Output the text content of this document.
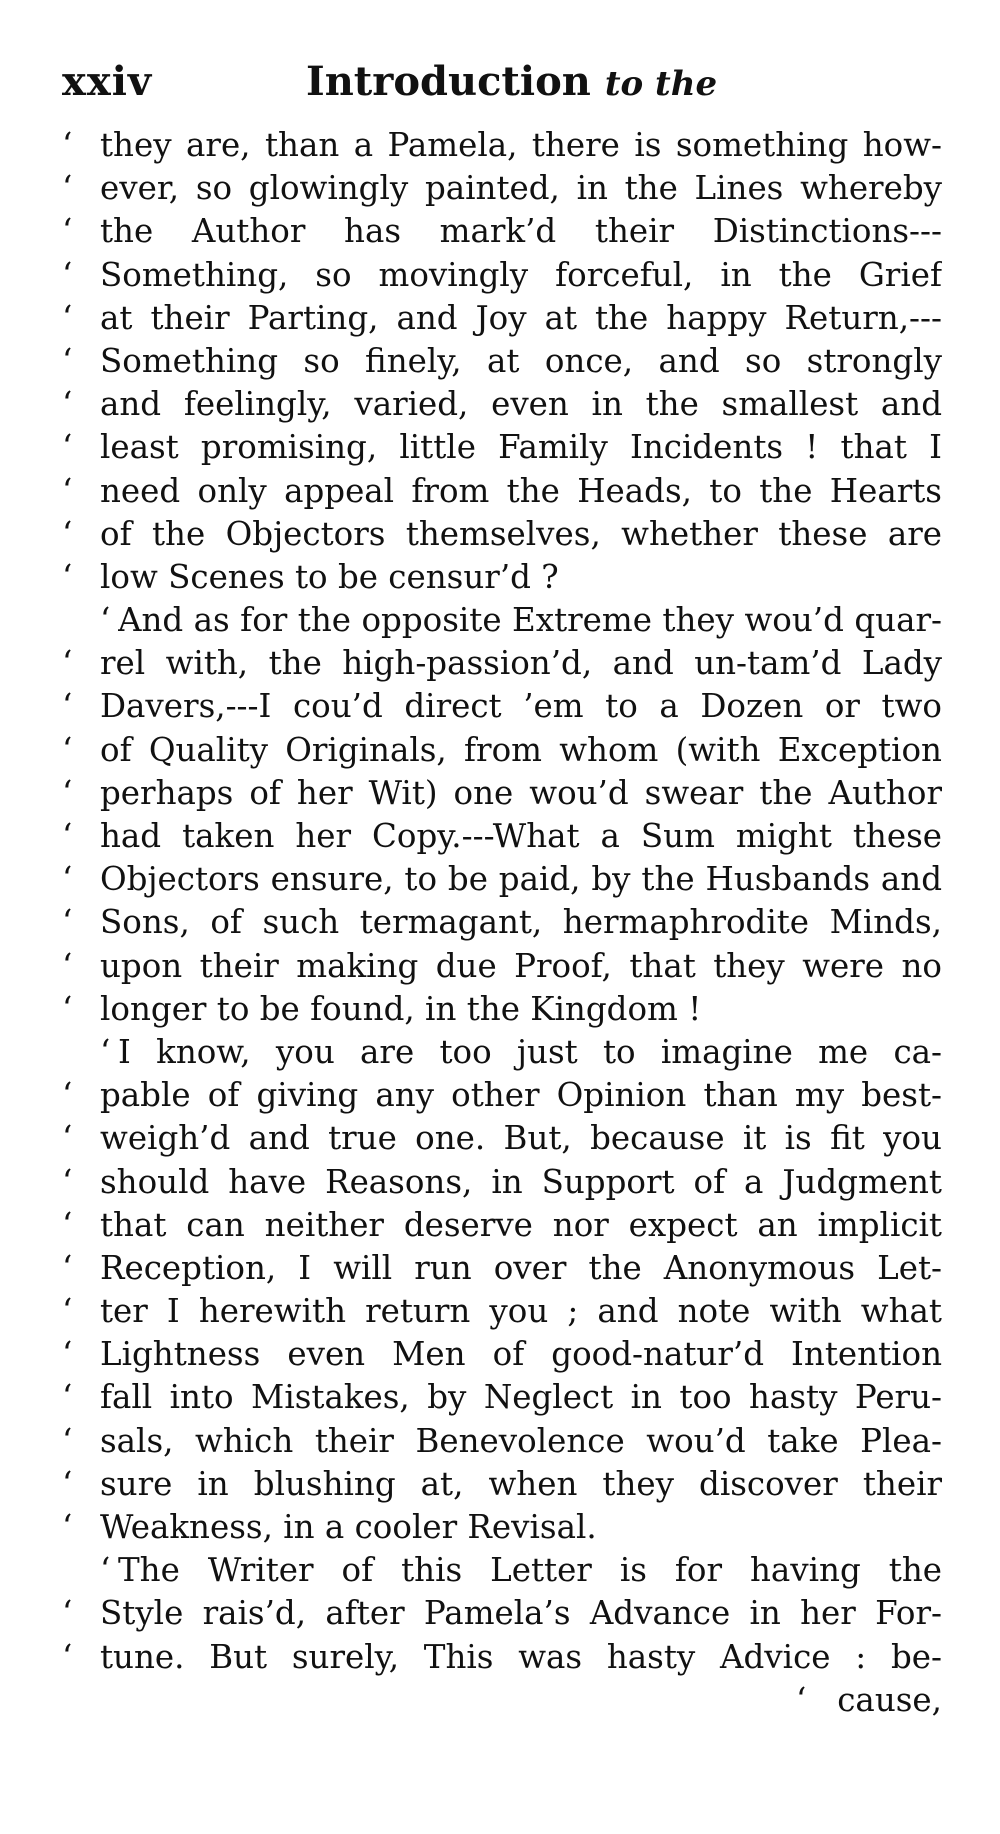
xxiv	Introduction to the
‘ they are, than a Pamela, there is something how-
‘ ever, so glowingly painted, in the Lines whereby
‘ the Author has mark’d their Distinctions---
‘ Something, so movingly forceful, in the Grief
‘ at their Parting, and Joy at the happy Return,---
‘ Something so finely, at once, and so strongly
‘ and feelingly, varied, even in the smallest and
‘ least promising, little Family Incidents ! that I
‘ need only appeal from the Heads, to the Hearts
‘ of the Objectors themselves, whether these are
‘ low Scenes to be censur’d ?
‘ And as for the opposite Extreme they wou’d quar-
‘ rel with, the high-passion’d, and un-tam’d Lady
‘ Davers,---I cou’d direct ’em to a Dozen or two
‘ of Quality Originals, from whom (with Exception
‘ perhaps of her Wit) one wou’d swear the Author
‘ had taken her Copy.---What a Sum might these
‘ Objectors ensure, to be paid, by the Husbands and
‘ Sons, of such termagant, hermaphrodite Minds,
‘ upon their making due Proof, that they were no
‘ longer to be found, in the Kingdom !
‘ I know, you are too just to imagine me ca-
‘ pable of giving any other Opinion than my best-
‘ weigh’d and true one. But, because it is fit you
‘ should have Reasons, in Support of a Judgment
‘ that can neither deserve nor expect an implicit
‘ Reception, I will run over the Anonymous Let-
‘ ter I herewith return you ; and note with what
‘ Lightness even Men of good-natur’d Intention
‘ fall into Mistakes, by Neglect in too hasty Peru-
‘ sals, which their Benevolence wou’d take Plea-
‘ sure in blushing at, when they discover their
‘ Weakness, in a cooler Revisal.
‘ The Writer of this Letter is for having the
‘ Style rais’d, after Pamela’s Advance in her For-
‘ tune. But surely, This was hasty Advice : be-
‘ cause,
